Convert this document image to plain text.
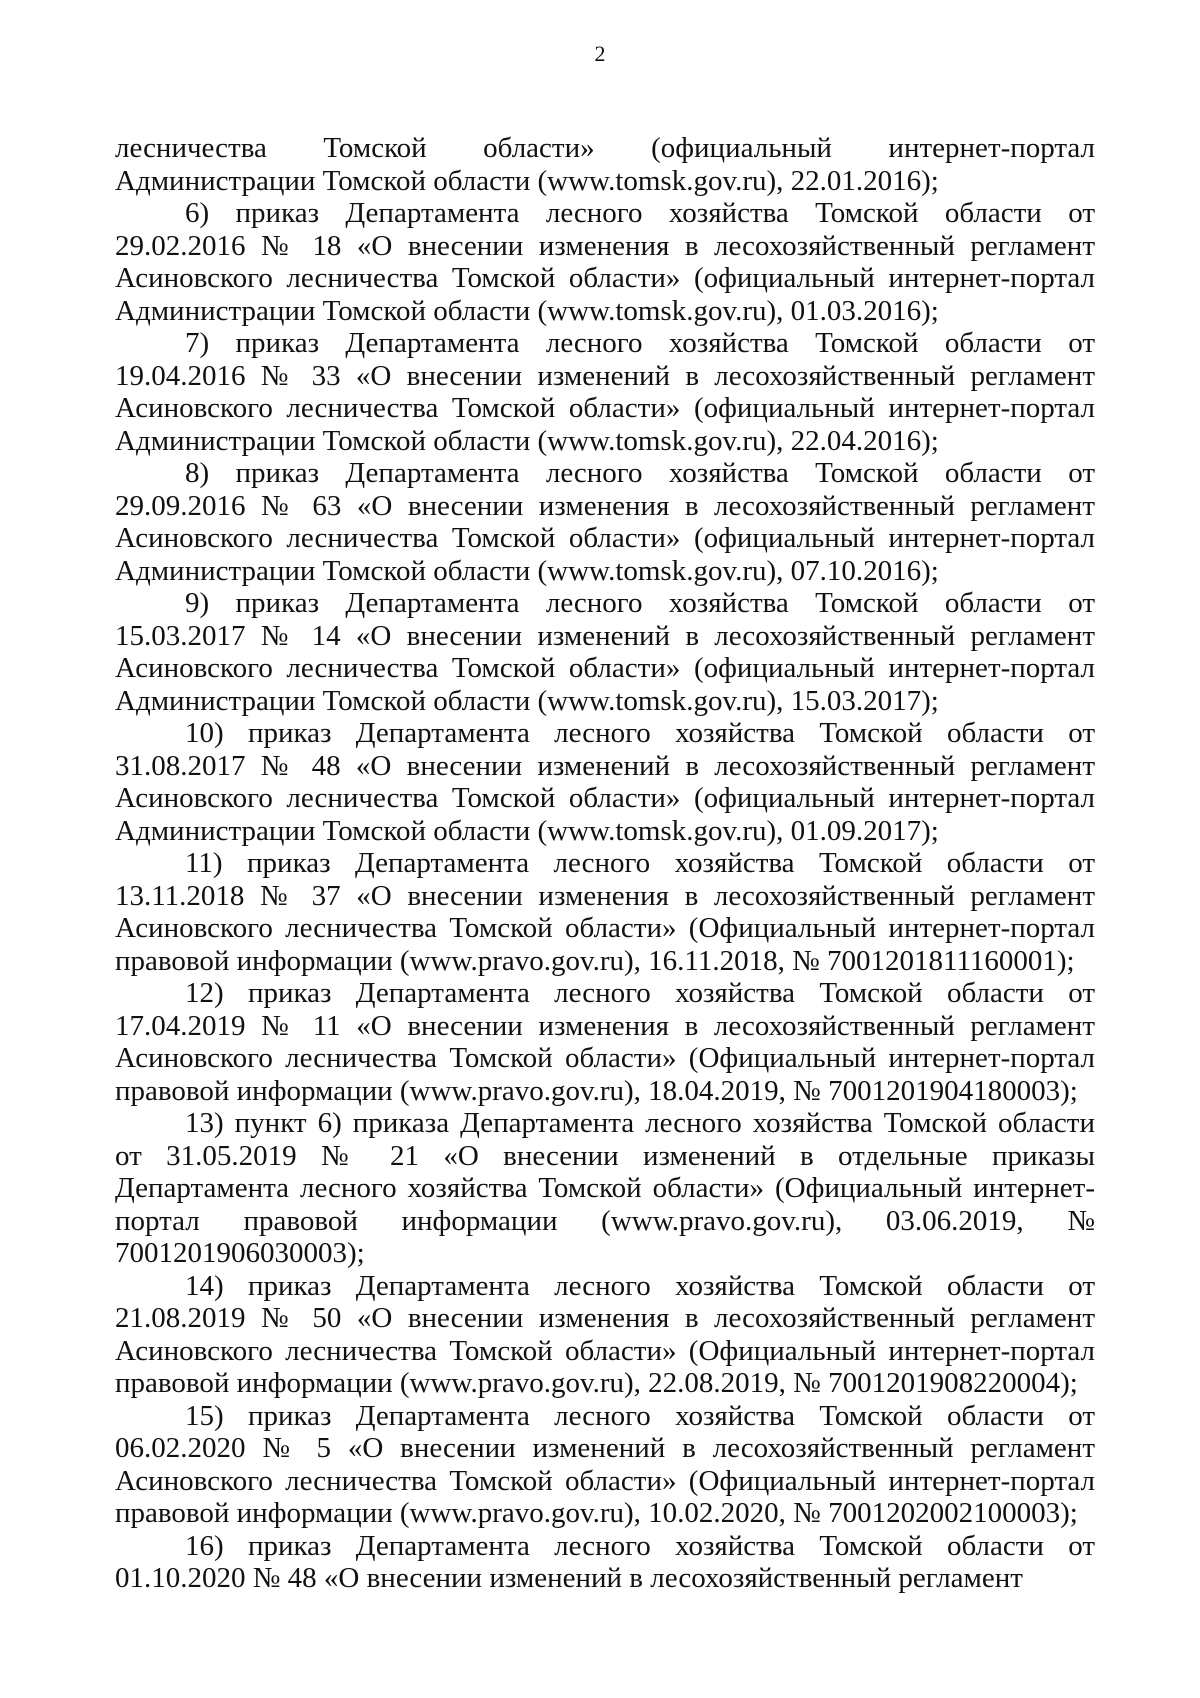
2

лесничества Томской области» (официальный интернет-портал Администрации Томской области (www.tomsk.gov.ru), 22.01.2016);

6) приказ Департамента лесного хозяйства Томской области от 29.02.2016 № 18 «О внесении изменения в лесохозяйственный регламент Асиновского лесничества Томской области» (официальный интернет-портал Администрации Томской области (www.tomsk.gov.ru), 01.03.2016);

7) приказ Департамента лесного хозяйства Томской области от 19.04.2016 № 33 «О внесении изменений в лесохозяйственный регламент Асиновского лесничества Томской области» (официальный интернет-портал Администрации Томской области (www.tomsk.gov.ru), 22.04.2016);

8) приказ Департамента лесного хозяйства Томской области от 29.09.2016 № 63 «О внесении изменения в лесохозяйственный регламент Асиновского лесничества Томской области» (официальный интернет-портал Администрации Томской области (www.tomsk.gov.ru), 07.10.2016);

9) приказ Департамента лесного хозяйства Томской области от 15.03.2017 № 14 «О внесении изменений в лесохозяйственный регламент Асиновского лесничества Томской области» (официальный интернет-портал Администрации Томской области (www.tomsk.gov.ru), 15.03.2017);

10) приказ Департамента лесного хозяйства Томской области от 31.08.2017 № 48 «О внесении изменений в лесохозяйственный регламент Асиновского лесничества Томской области» (официальный интернет-портал Администрации Томской области (www.tomsk.gov.ru), 01.09.2017);

11) приказ Департамента лесного хозяйства Томской области от 13.11.2018 № 37 «О внесении изменения в лесохозяйственный регламент Асиновского лесничества Томской области» (Официальный интернет-портал правовой информации (www.pravo.gov.ru), 16.11.2018, № 7001201811160001);

12) приказ Департамента лесного хозяйства Томской области от 17.04.2019 № 11 «О внесении изменения в лесохозяйственный регламент Асиновского лесничества Томской области» (Официальный интернет-портал правовой информации (www.pravo.gov.ru), 18.04.2019, № 7001201904180003);

13) пункт 6) приказа Департамента лесного хозяйства Томской области от 31.05.2019 № 21 «О внесении изменений в отдельные приказы Департамента лесного хозяйства Томской области» (Официальный интернет-портал правовой информации (www.pravo.gov.ru), 03.06.2019, № 7001201906030003);

14) приказ Департамента лесного хозяйства Томской области от 21.08.2019 № 50 «О внесении изменения в лесохозяйственный регламент Асиновского лесничества Томской области» (Официальный интернет-портал правовой информации (www.pravo.gov.ru), 22.08.2019, № 7001201908220004);

15) приказ Департамента лесного хозяйства Томской области от 06.02.2020 № 5 «О внесении изменений в лесохозяйственный регламент Асиновского лесничества Томской области» (Официальный интернет-портал правовой информации (www.pravo.gov.ru), 10.02.2020, № 7001202002100003);

16) приказ Департамента лесного хозяйства Томской области от 01.10.2020 № 48 «О внесении изменений в лесохозяйственный регламент
